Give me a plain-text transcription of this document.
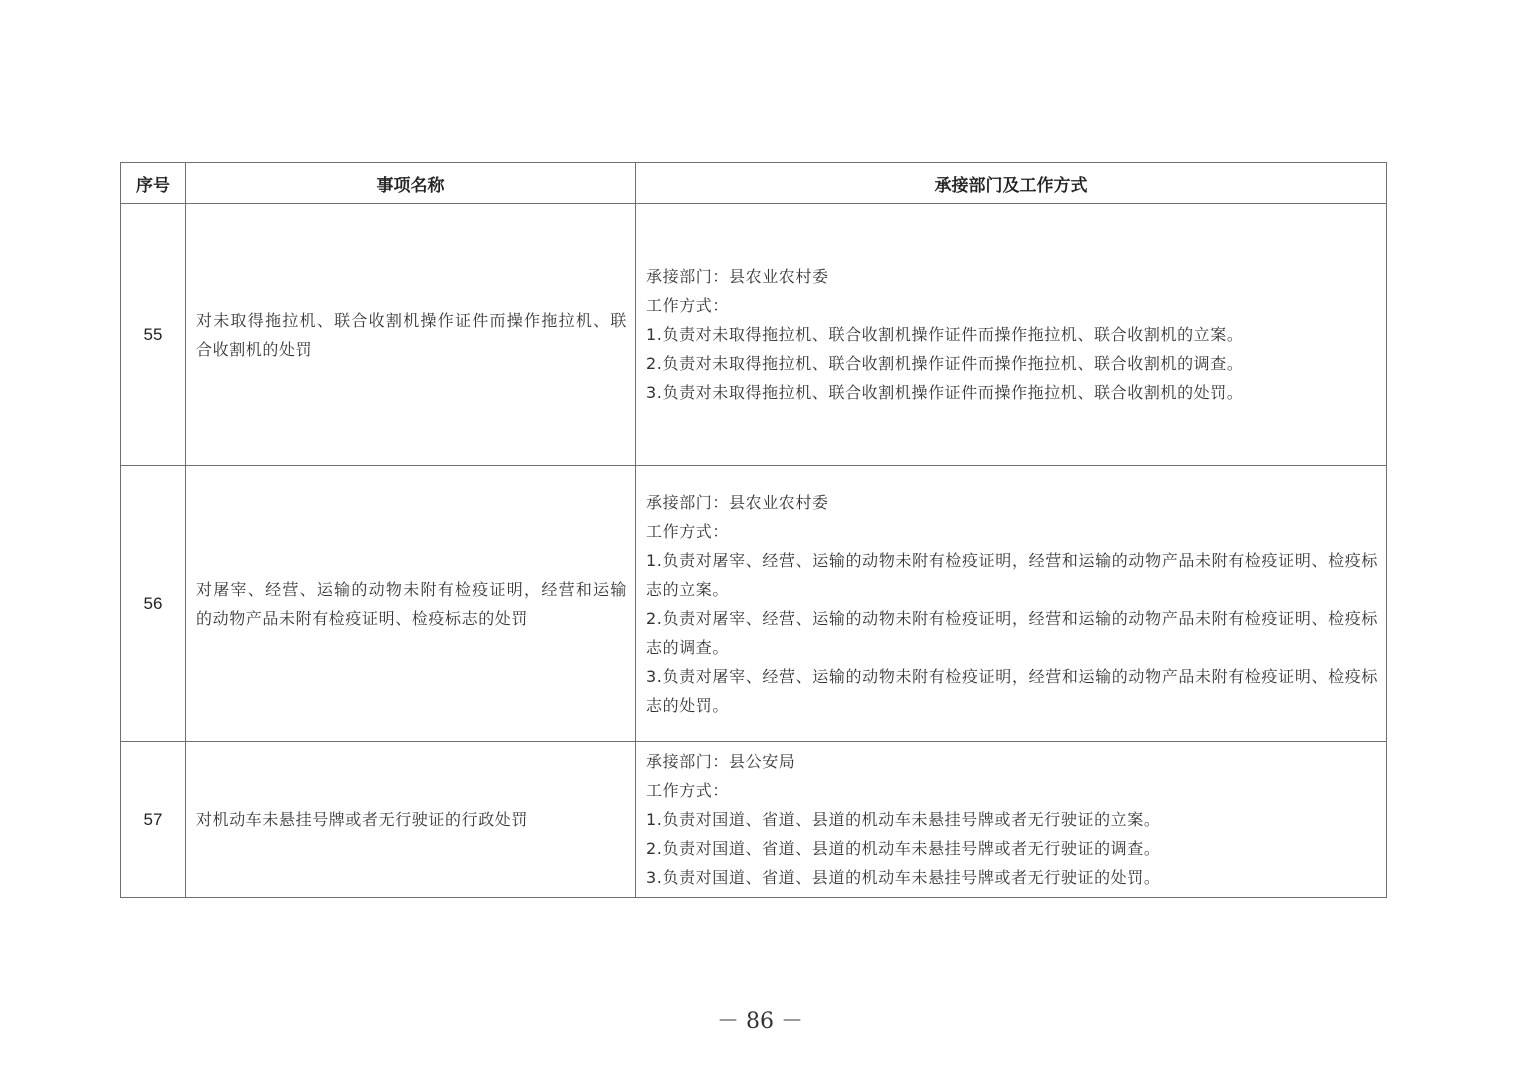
序号	事项名称	承接部门及工作方式
55	对未取得拖拉机、联合收割机操作证件而操作拖拉机、联合收割机的处罚	承接部门：县农业农村委
工作方式：
1.负责对未取得拖拉机、联合收割机操作证件而操作拖拉机、联合收割机的立案。
2.负责对未取得拖拉机、联合收割机操作证件而操作拖拉机、联合收割机的调查。
3.负责对未取得拖拉机、联合收割机操作证件而操作拖拉机、联合收割机的处罚。

56	对屠宰、经营、运输的动物未附有检疫证明，经营和运输的动物产品未附有检疫证明、检疫标志的处罚	承接部门：县农业农村委
工作方式：
1.负责对屠宰、经营、运输的动物未附有检疫证明，经营和运输的动物产品未附有检疫证明、检疫标志的立案。
2.负责对屠宰、经营、运输的动物未附有检疫证明，经营和运输的动物产品未附有检疫证明、检疫标志的调查。
3.负责对屠宰、经营、运输的动物未附有检疫证明，经营和运输的动物产品未附有检疫证明、检疫标志的处罚。

57	对机动车未悬挂号牌或者无行驶证的行政处罚	承接部门：县公安局
工作方式：
1.负责对国道、省道、县道的机动车未悬挂号牌或者无行驶证的立案。
2.负责对国道、省道、县道的机动车未悬挂号牌或者无行驶证的调查。
3.负责对国道、省道、县道的机动车未悬挂号牌或者无行驶证的处罚。
－ 86 －
